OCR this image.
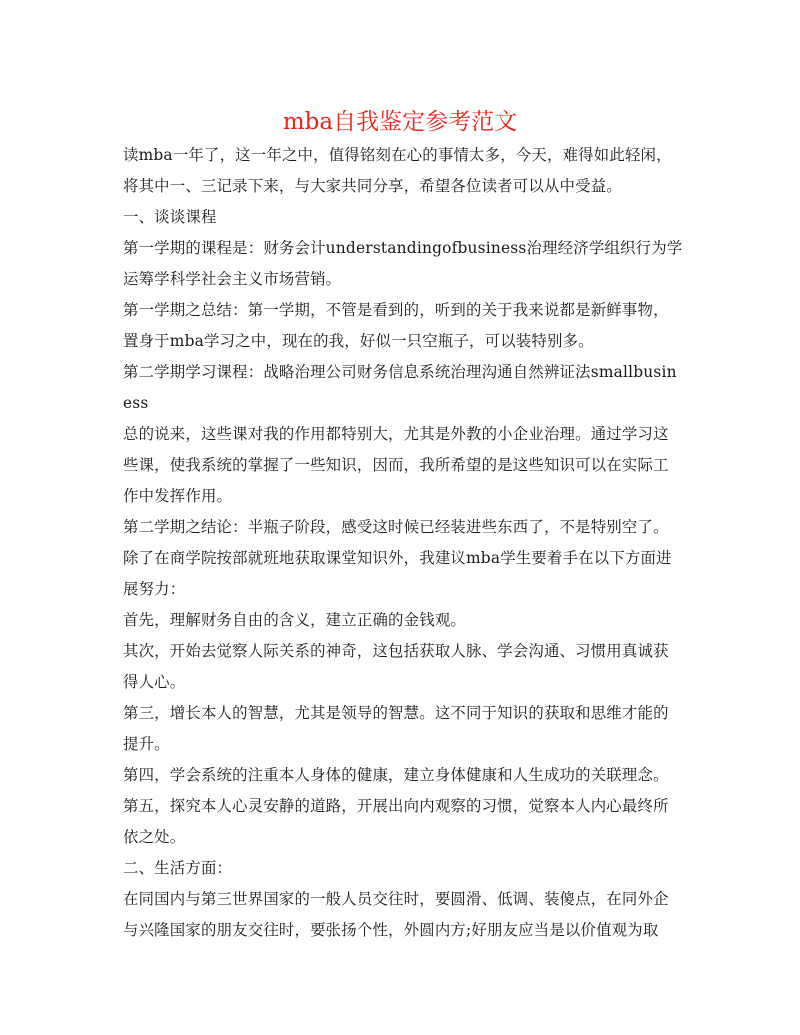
mba自我鉴定参考范文

读mba一年了，这一年之中，值得铭刻在心的事情太多，今天，难得如此轻闲，将其中一、三记录下来，与大家共同分享，希望各位读者可以从中受益。

一、谈谈课程

第一学期的课程是：财务会计understandingofbusiness治理经济学组织行为学运筹学科学社会主义市场营销。

第一学期之总结：第一学期，不管是看到的，听到的关于我来说都是新鲜事物，置身于mba学习之中，现在的我，好似一只空瓶子，可以装特别多。

第二学期学习课程：战略治理公司财务信息系统治理沟通自然辨证法smallbusiness

总的说来，这些课对我的作用都特别大，尤其是外教的小企业治理。通过学习这些课，使我系统的掌握了一些知识，因而，我所希望的是这些知识可以在实际工作中发挥作用。

第二学期之结论：半瓶子阶段，感受这时候已经装进些东西了，不是特别空了。

除了在商学院按部就班地获取课堂知识外，我建议mba学生要着手在以下方面进展努力：

首先，理解财务自由的含义，建立正确的金钱观。

其次，开始去觉察人际关系的神奇，这包括获取人脉、学会沟通、习惯用真诚获得人心。

第三，增长本人的智慧，尤其是领导的智慧。这不同于知识的获取和思维才能的提升。

第四，学会系统的注重本人身体的健康，建立身体健康和人生成功的关联理念。

第五，探究本人心灵安静的道路，开展出向内观察的习惯，觉察本人内心最终所依之处。

二、生活方面：

在同国内与第三世界国家的一般人员交往时，要圆滑、低调、装傻点，在同外企与兴隆国家的朋友交往时，要张扬个性，外圆内方;好朋友应当是以价值观为取
